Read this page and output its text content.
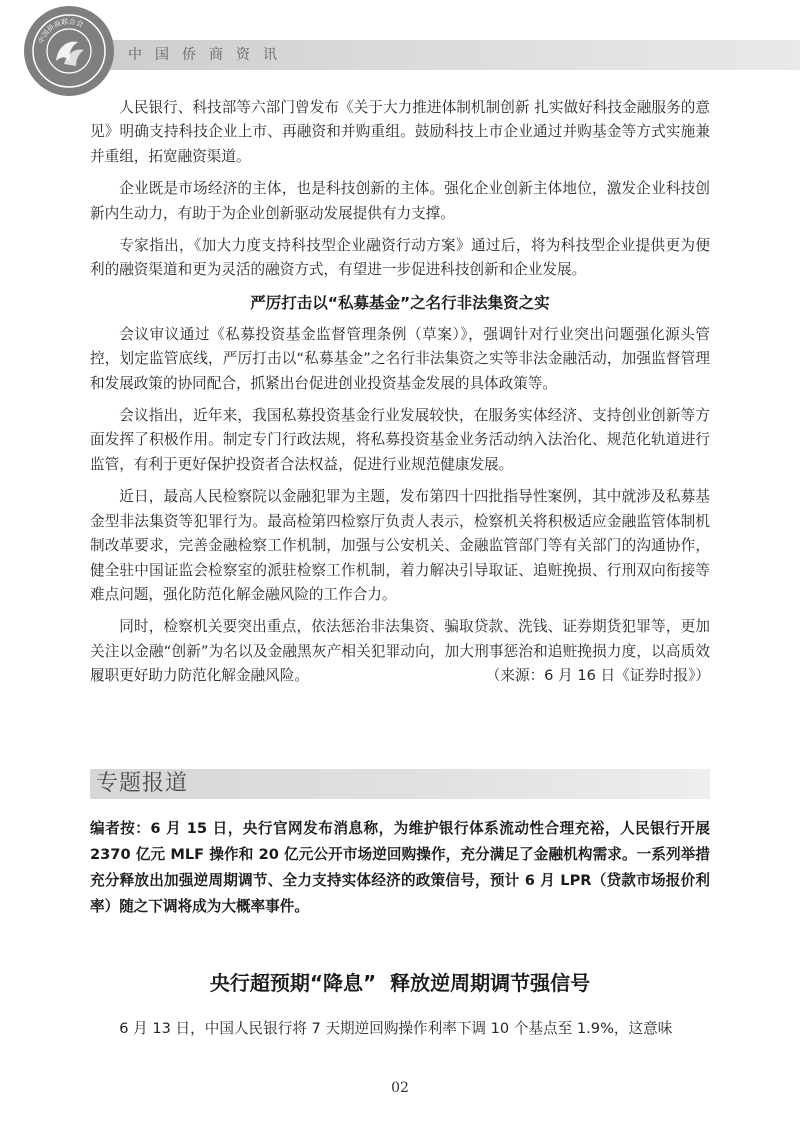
中国侨商资讯
中国侨商联合会

人民银行、科技部等六部门曾发布《关于大力推进体制机制创新 扎实做好科技金融服务的意见》明确支持科技企业上市、再融资和并购重组。鼓励科技上市企业通过并购基金等方式实施兼并重组，拓宽融资渠道。

企业既是市场经济的主体，也是科技创新的主体。强化企业创新主体地位，激发企业科技创新内生动力，有助于为企业创新驱动发展提供有力支撑。

专家指出，《加大力度支持科技型企业融资行动方案》通过后，将为科技型企业提供更为便利的融资渠道和更为灵活的融资方式，有望进一步促进科技创新和企业发展。

严厉打击以“私募基金”之名行非法集资之实

会议审议通过《私募投资基金监督管理条例（草案）》，强调针对行业突出问题强化源头管控，划定监管底线，严厉打击以“私募基金”之名行非法集资之实等非法金融活动，加强监督管理和发展政策的协同配合，抓紧出台促进创业投资基金发展的具体政策等。

会议指出，近年来，我国私募投资基金行业发展较快，在服务实体经济、支持创业创新等方面发挥了积极作用。制定专门行政法规，将私募投资基金业务活动纳入法治化、规范化轨道进行监管，有利于更好保护投资者合法权益，促进行业规范健康发展。

近日，最高人民检察院以金融犯罪为主题，发布第四十四批指导性案例，其中就涉及私募基金型非法集资等犯罪行为。最高检第四检察厅负责人表示，检察机关将积极适应金融监管体制机制改革要求，完善金融检察工作机制，加强与公安机关、金融监管部门等有关部门的沟通协作，健全驻中国证监会检察室的派驻检察工作机制，着力解决引导取证、追赃挽损、行刑双向衔接等难点问题，强化防范化解金融风险的工作合力。

同时，检察机关要突出重点，依法惩治非法集资、骗取贷款、洗钱、证券期货犯罪等，更加关注以金融“创新”为名以及金融黑灰产相关犯罪动向，加大刑事惩治和追赃挽损力度，以高质效履职更好助力防范化解金融风险。	（来源：6 月 16 日《证券时报》）

专题报道

编者按：6 月 15 日，央行官网发布消息称，为维护银行体系流动性合理充裕，人民银行开展 2370 亿元 MLF 操作和 20 亿元公开市场逆回购操作，充分满足了金融机构需求。一系列举措充分释放出加强逆周期调节、全力支持实体经济的政策信号，预计 6 月 LPR（贷款市场报价利率）随之下调将成为大概率事件。

央行超预期“降息”  释放逆周期调节强信号

6 月 13 日，中国人民银行将 7 天期逆回购操作利率下调 10 个基点至 1.9%，这意味

02
